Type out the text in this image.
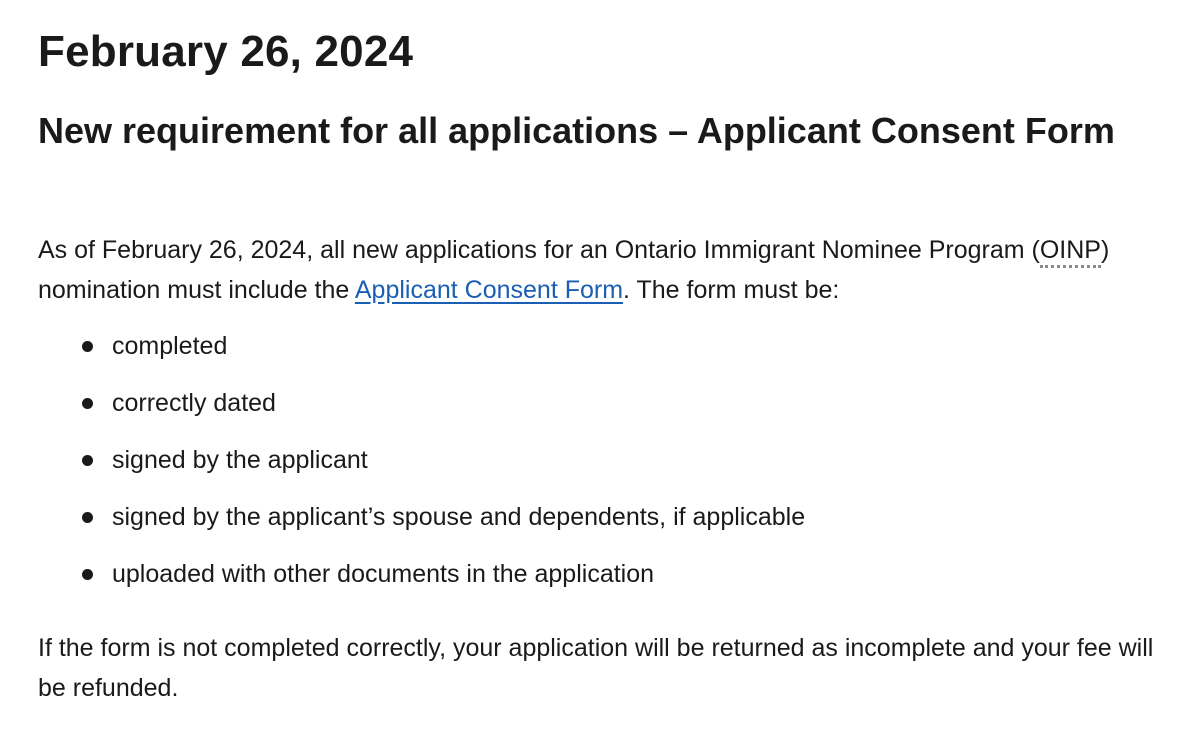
February 26, 2024
New requirement for all applications – Applicant Consent Form

As of February 26, 2024, all new applications for an Ontario Immigrant Nominee Program (OINP) nomination must include the Applicant Consent Form. The form must be:

completed
correctly dated
signed by the applicant
signed by the applicant’s spouse and dependents, if applicable
uploaded with other documents in the application

If the form is not completed correctly, your application will be returned as incomplete and your fee will be refunded.
